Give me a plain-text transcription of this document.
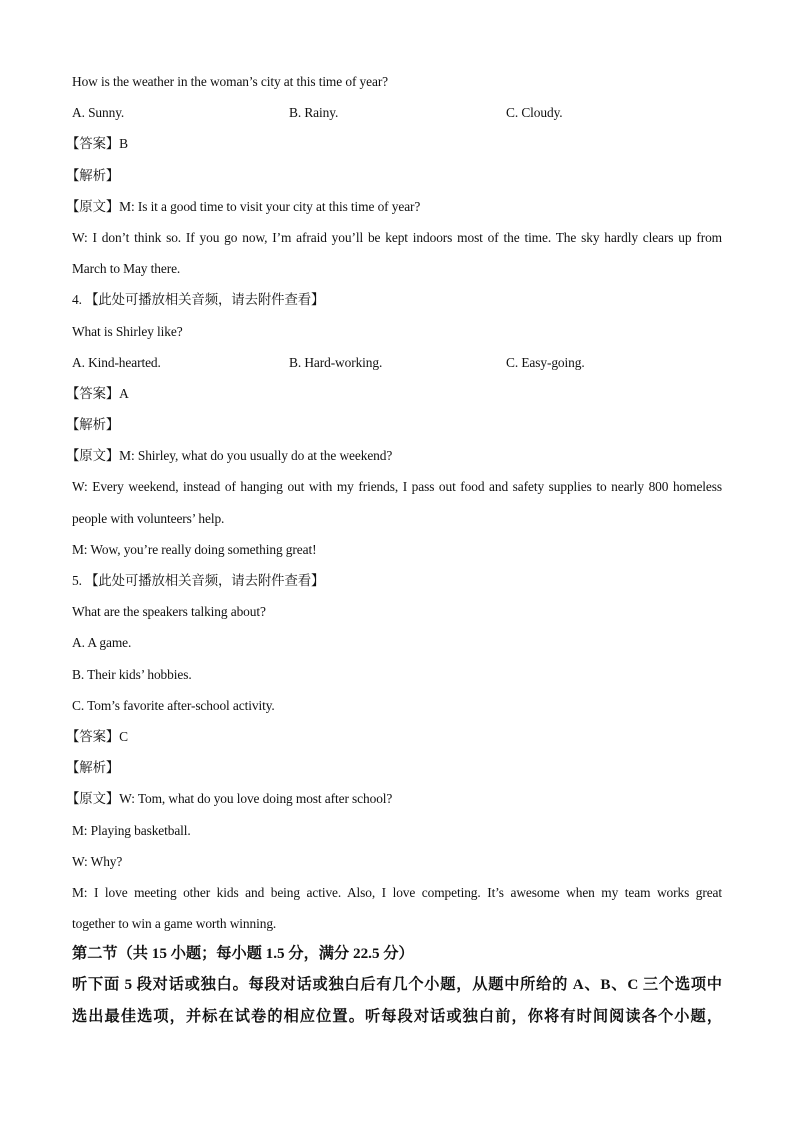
How is the weather in the woman’s city at this time of year?
A. Sunny.	B. Rainy.	C. Cloudy.
【答案】B
【解析】
【原文】M: Is it a good time to visit your city at this time of year?
W: I don’t think so. If you go now, I’m afraid you’ll be kept indoors most of the time. The sky hardly clears up from
March to May there.
4. 【此处可播放相关音频，请去附件查看】
What is Shirley like?
A. Kind-hearted.	B. Hard-working.	C. Easy-going.
【答案】A
【解析】
【原文】M: Shirley, what do you usually do at the weekend?
W: Every weekend, instead of hanging out with my friends, I pass out food and safety supplies to nearly 800 homeless
people with volunteers’ help.
M: Wow, you’re really doing something great!
5. 【此处可播放相关音频，请去附件查看】
What are the speakers talking about?
A. A game.
B. Their kids’ hobbies.
C. Tom’s favorite after-school activity.
【答案】C
【解析】
【原文】W: Tom, what do you love doing most after school?
M: Playing basketball.
W: Why?
M: I love meeting other kids and being active. Also, I love competing. It’s awesome when my team works great
together to win a game worth winning.
第二节（共 15 小题；每小题 1.5 分，满分 22.5 分）
听下面 5 段对话或独白。每段对话或独白后有几个小题，从题中所给的 A、B、C 三个选项中
选出最佳选项，并标在试卷的相应位置。听每段对话或独白前，你将有时间阅读各个小题，
